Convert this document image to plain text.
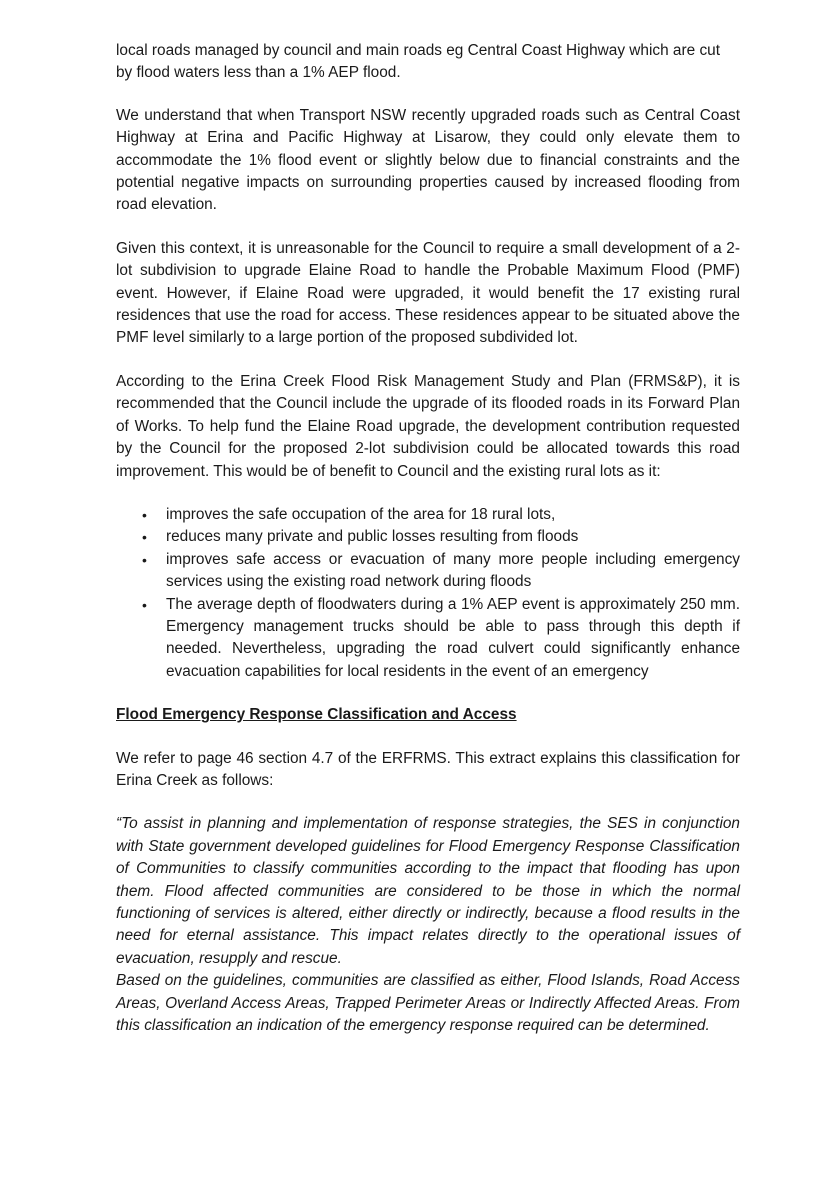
local roads managed by council and main roads eg Central Coast Highway which are cut by flood waters less than a 1% AEP flood.

We understand that when Transport NSW recently upgraded roads such as Central Coast Highway at Erina and Pacific Highway at Lisarow, they could only elevate them to accommodate the 1% flood event or slightly below due to financial constraints and the potential negative impacts on surrounding properties caused by increased flooding from road elevation.

Given this context, it is unreasonable for the Council to require a small development of a 2-lot subdivision to upgrade Elaine Road to handle the Probable Maximum Flood (PMF) event. However, if Elaine Road were upgraded, it would benefit the 17 existing rural residences that use the road for access. These residences appear to be situated above the PMF level similarly to a large portion of the proposed subdivided lot.

According to the Erina Creek Flood Risk Management Study and Plan (FRMS&P), it is recommended that the Council include the upgrade of its flooded roads in its Forward Plan of Works. To help fund the Elaine Road upgrade, the development contribution requested by the Council for the proposed 2-lot subdivision could be allocated towards this road improvement. This would be of benefit to Council and the existing rural lots as it:

• improves the safe occupation of the area for 18 rural lots,
• reduces many private and public losses resulting from floods
• improves safe access or evacuation of many more people including emergency services using the existing road network during floods
• The average depth of floodwaters during a 1% AEP event is approximately 250 mm. Emergency management trucks should be able to pass through this depth if needed. Nevertheless, upgrading the road culvert could significantly enhance evacuation capabilities for local residents in the event of an emergency

Flood Emergency Response Classification and Access

We refer to page 46 section 4.7 of the ERFRMS. This extract explains this classification for Erina Creek as follows:

“To assist in planning and implementation of response strategies, the SES in conjunction with State government developed guidelines for Flood Emergency Response Classification of Communities to classify communities according to the impact that flooding has upon them. Flood affected communities are considered to be those in which the normal functioning of services is altered, either directly or indirectly, because a flood results in the need for eternal assistance. This impact relates directly to the operational issues of evacuation, resupply and rescue.

Based on the guidelines, communities are classified as either, Flood Islands, Road Access Areas, Overland Access Areas, Trapped Perimeter Areas or Indirectly Affected Areas. From this classification an indication of the emergency response required can be determined.
